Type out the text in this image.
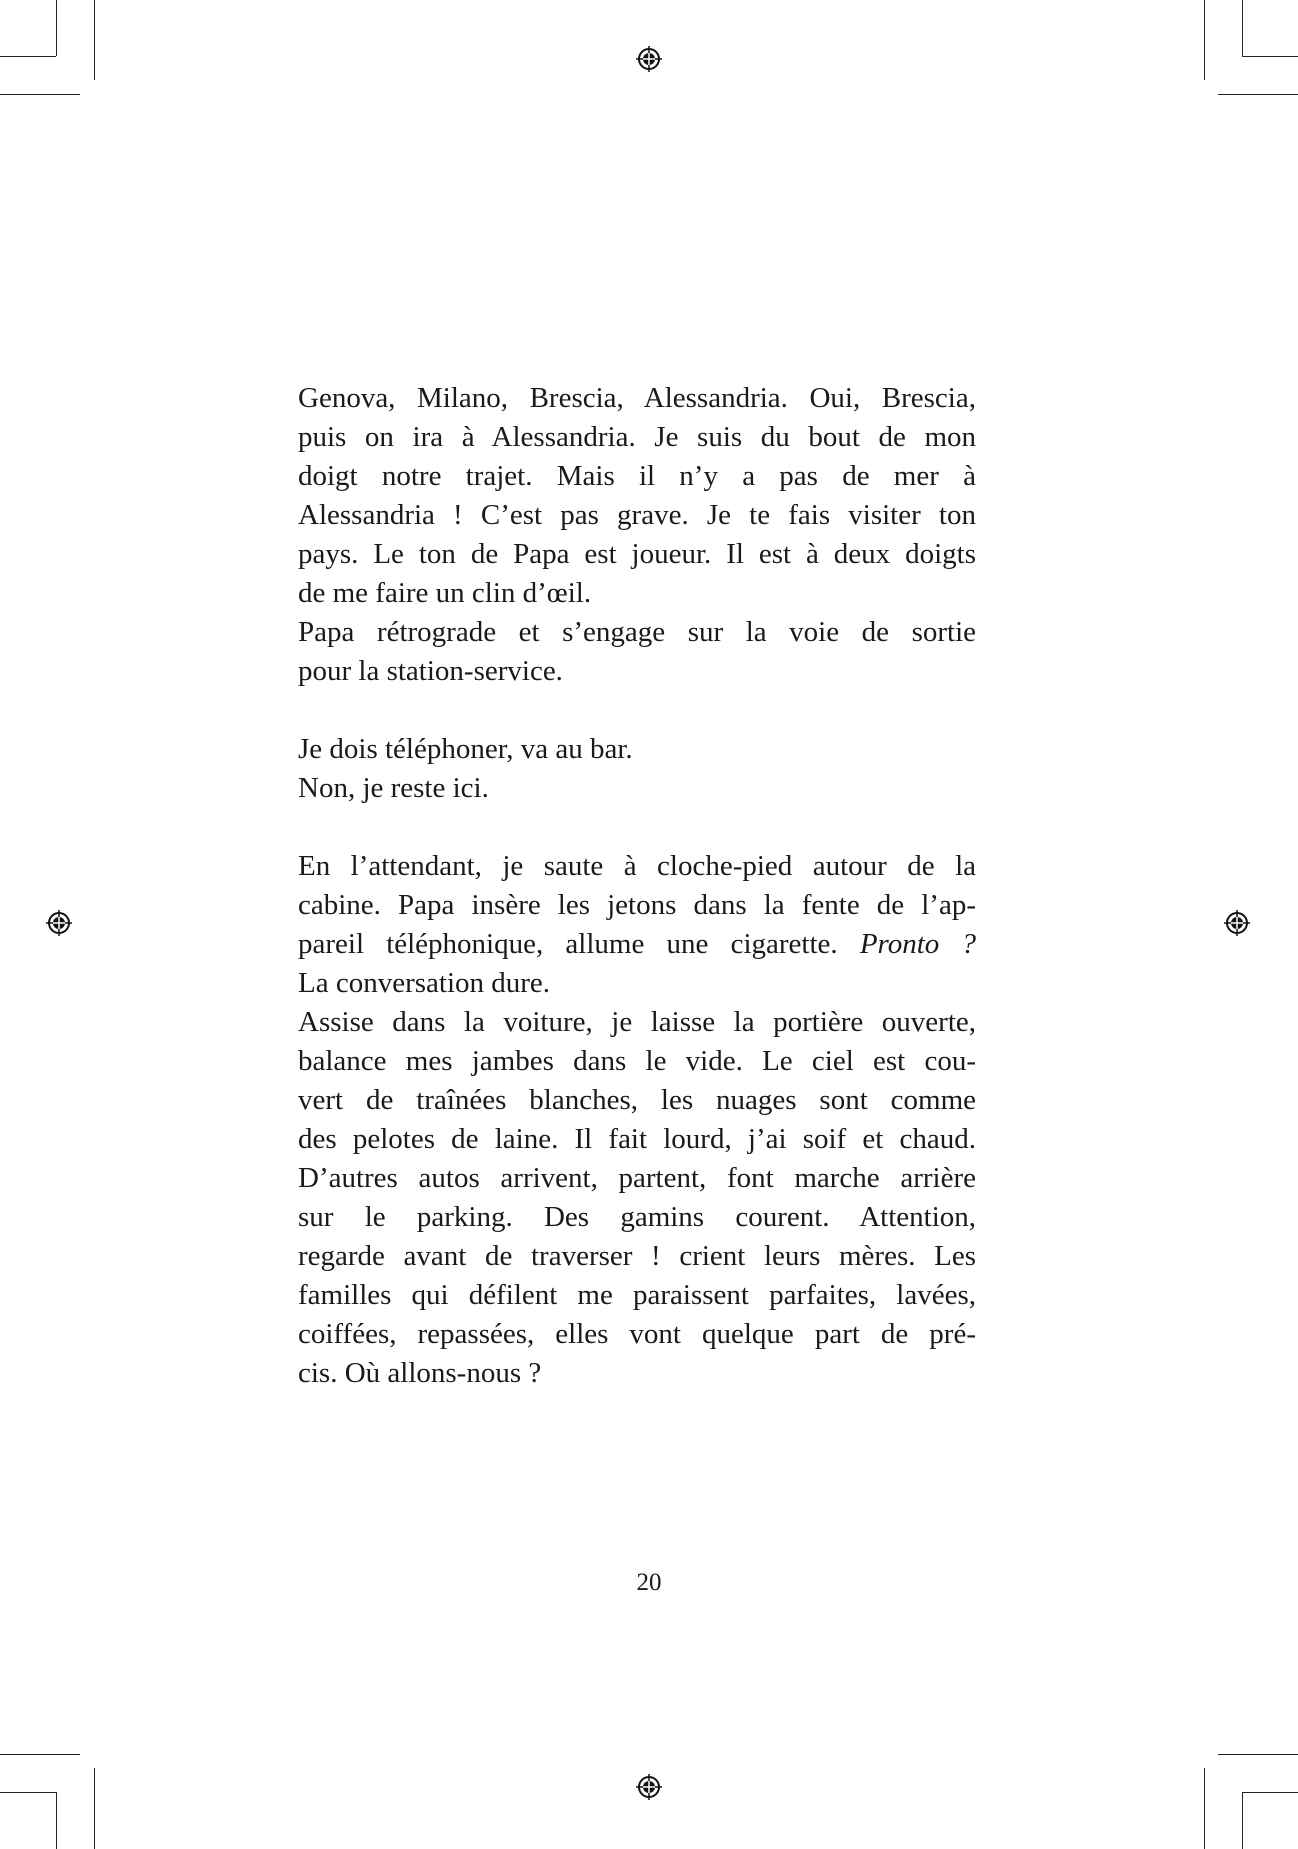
Genova, Milano, Brescia, Alessandria. Oui, Brescia,
puis on ira à Alessandria. Je suis du bout de mon
doigt notre trajet. Mais il n’y a pas de mer à
Alessandria ! C’est pas grave. Je te fais visiter ton
pays. Le ton de Papa est joueur. Il est à deux doigts
de me faire un clin d’œil.
Papa rétrograde et s’engage sur la voie de sortie
pour la station-service.
Je dois téléphoner, va au bar.
Non, je reste ici.
En l’attendant, je saute à cloche-pied autour de la
cabine. Papa insère les jetons dans la fente de l’ap-
pareil téléphonique, allume une cigarette. Pronto ?
La conversation dure.
Assise dans la voiture, je laisse la portière ouverte,
balance mes jambes dans le vide. Le ciel est cou-
vert de traînées blanches, les nuages sont comme
des pelotes de laine. Il fait lourd, j’ai soif et chaud.
D’autres autos arrivent, partent, font marche arrière
sur le parking. Des gamins courent. Attention,
regarde avant de traverser ! crient leurs mères. Les
familles qui défilent me paraissent parfaites, lavées,
coiffées, repassées, elles vont quelque part de pré-
cis. Où allons-nous ?
20
